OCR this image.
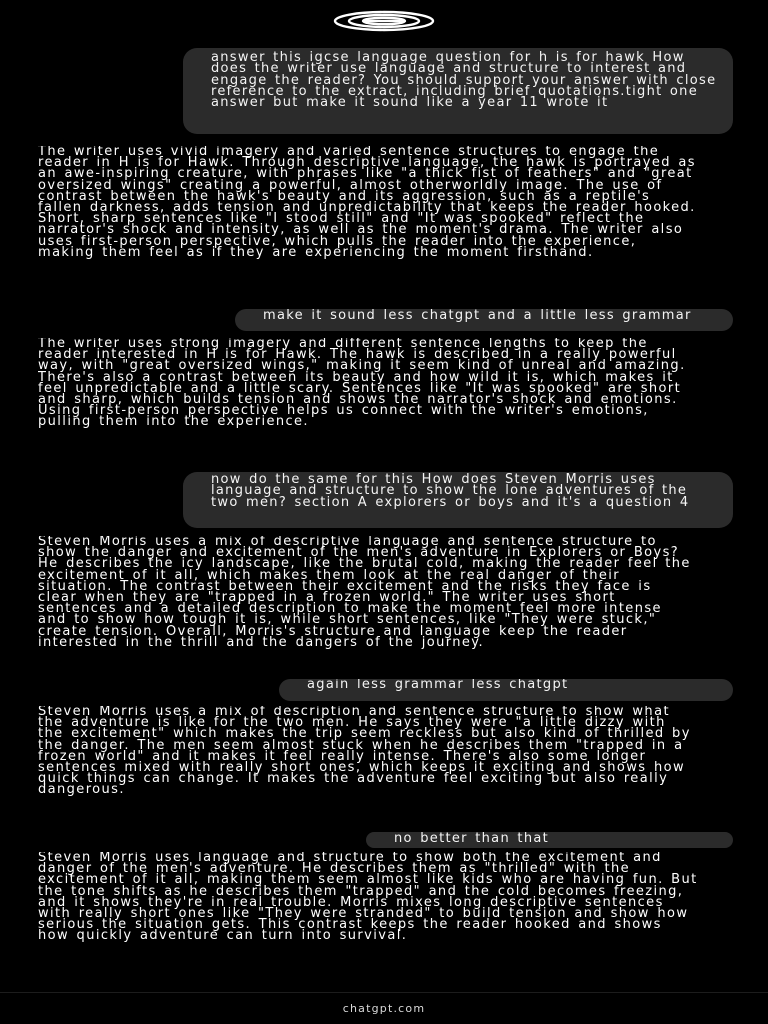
answer this igcse language question for h is for hawk How does the writer use language and structure to interest and engage the reader? You should support your answer with close reference to the extract, including brief quotations.tight one answer but make it sound like a year 11 wrote it

The writer uses vivid imagery and varied sentence structures to engage the reader in H is for Hawk. Through descriptive language, the hawk is portrayed as an awe-inspiring creature, with phrases like "a thick fist of feathers" and "great oversized wings" creating a powerful, almost otherworldly image. The use of contrast between the hawk's beauty and its aggression, such as a reptile's fallen darkness, adds tension and unpredictability that keeps the reader hooked. Short, sharp sentences like "I stood still" and "It was spooked" reflect the narrator's shock and intensity, as well as the moment's drama. The writer also uses first-person perspective, which pulls the reader into the experience, making them feel as if they are experiencing the moment firsthand.

make it sound less chatgpt and a little less grammar

The writer uses strong imagery and different sentence lengths to keep the reader interested in H is for Hawk. The hawk is described in a really powerful way, with "great oversized wings," making it seem kind of unreal and amazing. There's also a contrast between its beauty and how wild it is, which makes it feel unpredictable and a little scary. Sentences like "It was spooked" are short and sharp, which builds tension and shows the narrator's shock and emotions. Using first-person perspective helps us connect with the writer's emotions, pulling them into the experience.

now do the same for this How does Steven Morris uses language and structure to show the lone adventures of the two men? section A explorers or boys and it's a question 4

Steven Morris uses a mix of descriptive language and sentence structure to show the danger and excitement of the men's adventure in Explorers or Boys? He describes the icy landscape, like the brutal cold, making the reader feel the excitement of it all, which makes them look at the real danger of their situation. The contrast between their excitement and the risks they face is clear when they are "trapped in a frozen world." The writer uses short sentences and a detailed description to make the moment feel more intense and to show how tough it is, while short sentences, like "They were stuck," create tension. Overall, Morris's structure and language keep the reader interested in the thrill and the dangers of the journey.

again less grammar less chatgpt

Steven Morris uses a mix of description and sentence structure to show what the adventure is like for the two men. He says they were "a little dizzy with the excitement" which makes the trip seem reckless but also kind of thrilled by the danger. The men seem almost stuck when he describes them "trapped in a frozen world" and it makes it feel really intense. There's also some longer sentences mixed with really short ones, which keeps it exciting and shows how quick things can change. It makes the adventure feel exciting but also really dangerous.

no better than that

Steven Morris uses language and structure to show both the excitement and danger of the men's adventure. He describes them as "thrilled" with the excitement of it all, making them seem almost like kids who are having fun. But the tone shifts as he describes them "trapped" and the cold becomes freezing, and it shows they're in real trouble. Morris mixes long descriptive sentences with really short ones like "They were stranded" to build tension and show how serious the situation gets. This contrast keeps the reader hooked and shows how quickly adventure can turn into survival.

chatgpt.com
